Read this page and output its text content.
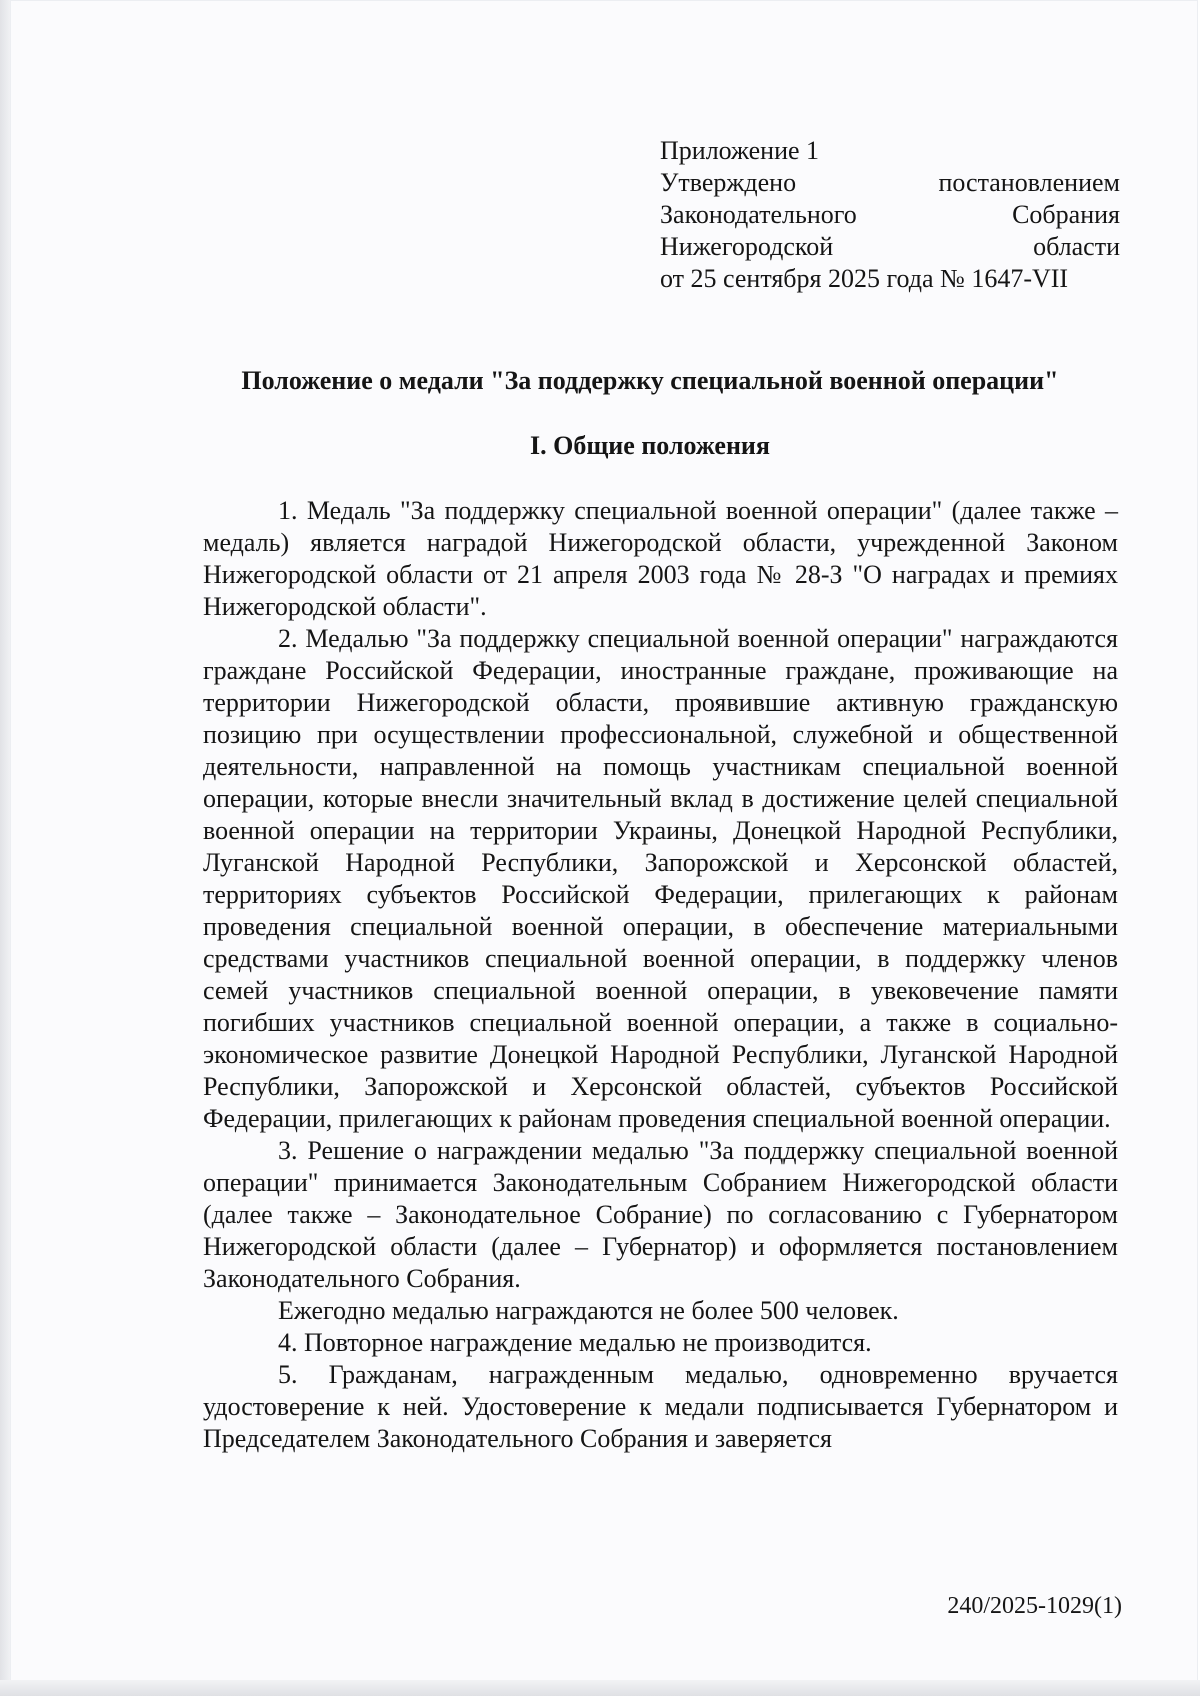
Приложение 1
Утверждено	постановлением
Законодательного	Собрания
Нижегородской	области
от 25 сентября 2025 года № 1647-VII
Положение о медали "За поддержку специальной военной операции"
I. Общие положения

1. Медаль "За поддержку специальной военной операции" (далее также – медаль) является наградой Нижегородской области, учрежденной Законом Нижегородской области от 21 апреля 2003 года № 28-З "О наградах и премиях Нижегородской области".

2. Медалью "За поддержку специальной военной операции" награждаются граждане Российской Федерации, иностранные граждане, проживающие на территории Нижегородской области, проявившие активную гражданскую позицию при осуществлении профессиональной, служебной и общественной деятельности, направленной на помощь участникам специальной военной операции, которые внесли значительный вклад в достижение целей специальной военной операции на территории Украины, Донецкой Народной Республики, Луганской Народной Республики, Запорожской и Херсонской областей, территориях субъектов Российской Федерации, прилегающих к районам проведения специальной военной операции, в обеспечение материальными средствами участников специальной военной операции, в поддержку членов семей участников специальной военной операции, в увековечение памяти погибших участников специальной военной операции, а также в социально-экономическое развитие Донецкой Народной Республики, Луганской Народной Республики, Запорожской и Херсонской областей, субъектов Российской Федерации, прилегающих к районам проведения специальной военной операции.

3. Решение о награждении медалью "За поддержку специальной военной операции" принимается Законодательным Собранием Нижегородской области (далее также – Законодательное Собрание) по согласованию с Губернатором Нижегородской области (далее – Губернатор) и оформляется постановлением Законодательного Собрания.

Ежегодно медалью награждаются не более 500 человек.

4. Повторное награждение медалью не производится.

5. Гражданам, награжденным медалью, одновременно вручается удостоверение к ней. Удостоверение к медали подписывается Губернатором и Председателем Законодательного Собрания и заверяется

240/2025-1029(1)
